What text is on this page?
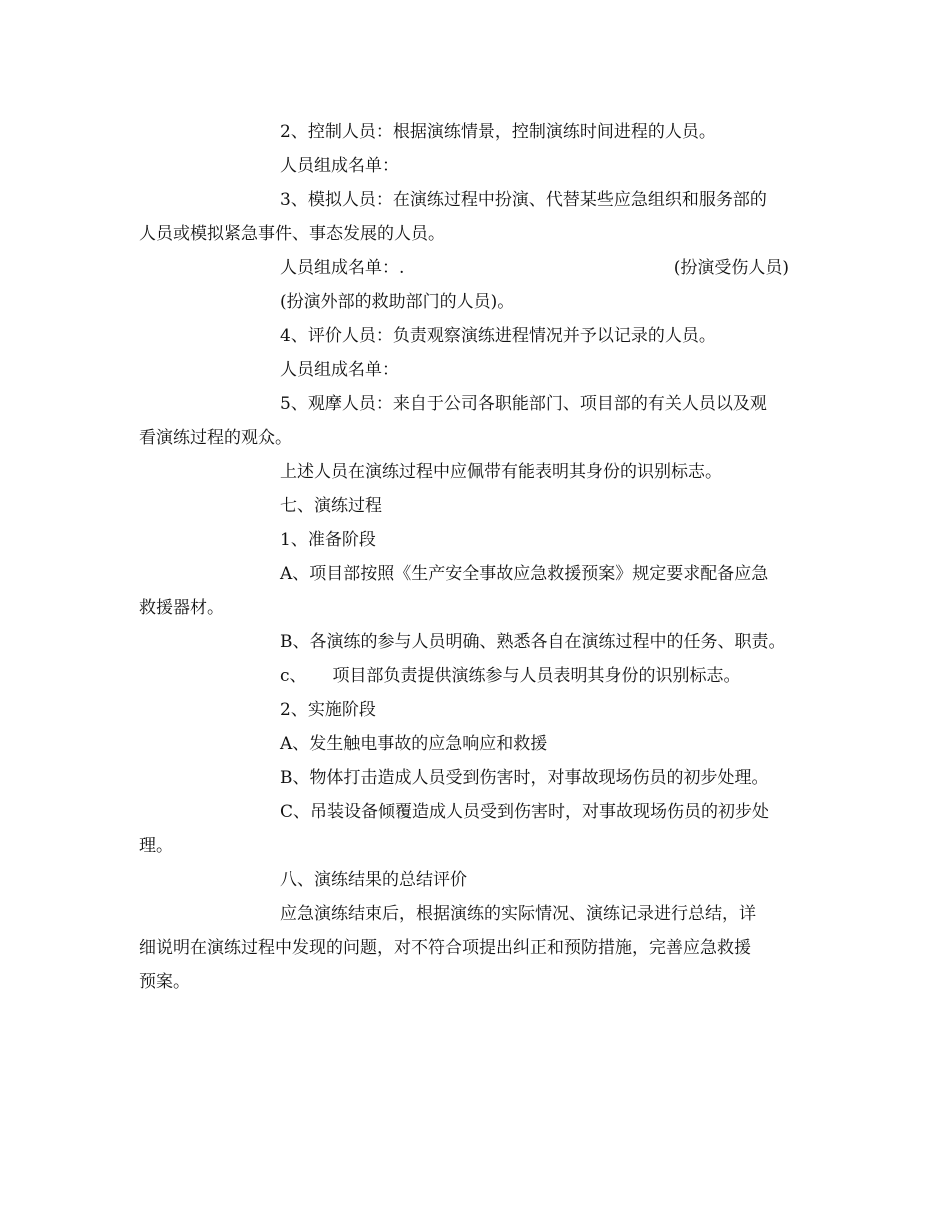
2、控制人员：根据演练情景，控制演练时间进程的人员。

人员组成名单：

3、模拟人员：在演练过程中扮演、代替某些应急组织和服务部的

人员或模拟紧急事件、事态发展的人员。

人员组成名单：.	(扮演受伤人员)

(扮演外部的救助部门的人员)。

4、评价人员：负责观察演练进程情况并予以记录的人员。

人员组成名单：

5、观摩人员：来自于公司各职能部门、项目部的有关人员以及观

看演练过程的观众。

上述人员在演练过程中应佩带有能表明其身份的识别标志。

七、演练过程

1、准备阶段

A、项目部按照《生产安全事故应急救援预案》规定要求配备应急

救援器材。

B、各演练的参与人员明确、熟悉各自在演练过程中的任务、职责。

c、 项目部负责提供演练参与人员表明其身份的识别标志。

2、实施阶段

A、发生触电事故的应急响应和救援

B、物体打击造成人员受到伤害时，对事故现场伤员的初步处理。

C、吊装设备倾覆造成人员受到伤害时，对事故现场伤员的初步处

理。

八、演练结果的总结评价

应急演练结束后，根据演练的实际情况、演练记录进行总结，详

细说明在演练过程中发现的问题，对不符合项提出纠正和预防措施，完善应急救援

预案。
